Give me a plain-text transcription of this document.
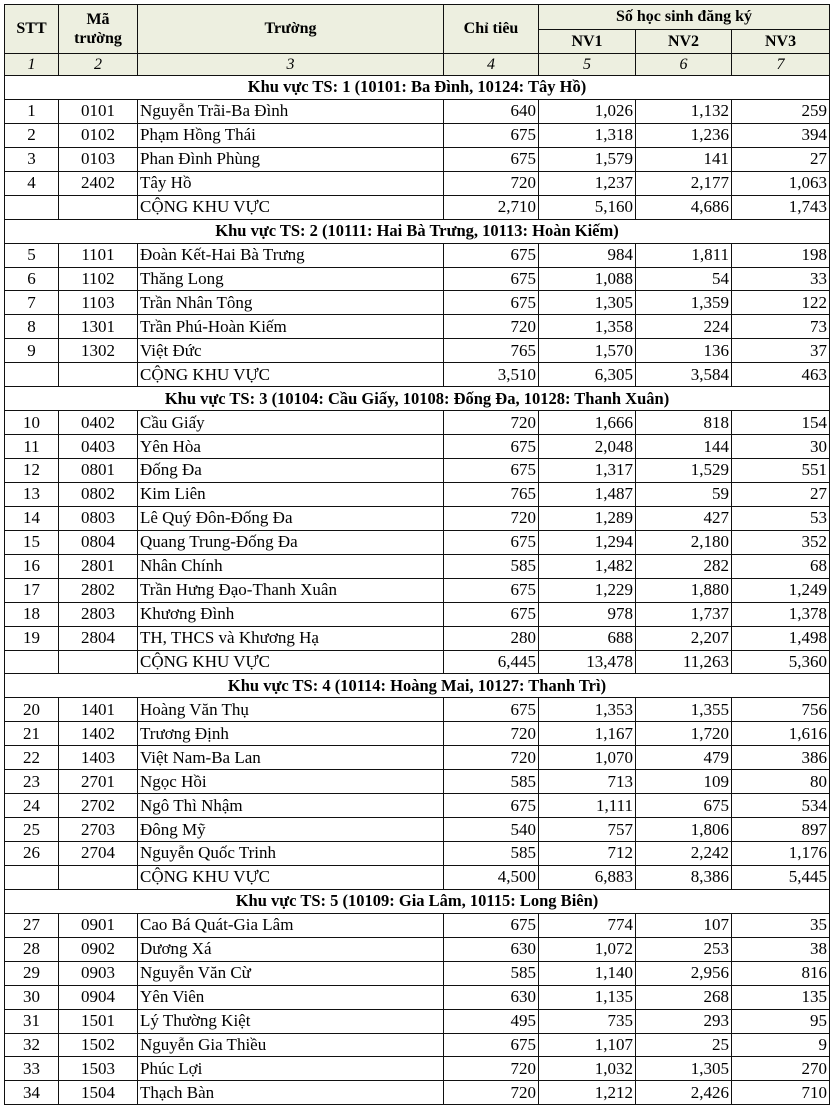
STT	Mã trường	Trường	Chỉ tiêu	Số học sinh đăng ký		
				NV1	NV2	NV3
1	2	3	4	5	6	7
Khu vực TS: 1 (10101: Ba Đình, 10124: Tây Hồ)						
1	0101	Nguyễn Trãi-Ba Đình	640	1,026	1,132	259
2	0102	Phạm Hồng Thái	675	1,318	1,236	394
3	0103	Phan Đình Phùng	675	1,579	141	27
4	2402	Tây Hồ	720	1,237	2,177	1,063
		CỘNG KHU VỰC	2,710	5,160	4,686	1,743
Khu vực TS: 2 (10111: Hai Bà Trưng, 10113: Hoàn Kiếm)						
5	1101	Đoàn Kết-Hai Bà Trưng	675	984	1,811	198
6	1102	Thăng Long	675	1,088	54	33
7	1103	Trần Nhân Tông	675	1,305	1,359	122
8	1301	Trần Phú-Hoàn Kiếm	720	1,358	224	73
9	1302	Việt Đức	765	1,570	136	37
		CỘNG KHU VỰC	3,510	6,305	3,584	463
Khu vực TS: 3 (10104: Cầu Giấy, 10108: Đống Đa, 10128: Thanh Xuân)						
10	0402	Cầu Giấy	720	1,666	818	154
11	0403	Yên Hòa	675	2,048	144	30
12	0801	Đống Đa	675	1,317	1,529	551
13	0802	Kim Liên	765	1,487	59	27
14	0803	Lê Quý Đôn-Đống Đa	720	1,289	427	53
15	0804	Quang Trung-Đống Đa	675	1,294	2,180	352
16	2801	Nhân Chính	585	1,482	282	68
17	2802	Trần Hưng Đạo-Thanh Xuân	675	1,229	1,880	1,249
18	2803	Khương Đình	675	978	1,737	1,378
19	2804	TH, THCS và Khương Hạ	280	688	2,207	1,498
		CỘNG KHU VỰC	6,445	13,478	11,263	5,360
Khu vực TS: 4 (10114: Hoàng Mai, 10127: Thanh Trì)						
20	1401	Hoàng Văn Thụ	675	1,353	1,355	756
21	1402	Trương Định	720	1,167	1,720	1,616
22	1403	Việt Nam-Ba Lan	720	1,070	479	386
23	2701	Ngọc Hồi	585	713	109	80
24	2702	Ngô Thì Nhậm	675	1,111	675	534
25	2703	Đông Mỹ	540	757	1,806	897
26	2704	Nguyễn Quốc Trinh	585	712	2,242	1,176
		CỘNG KHU VỰC	4,500	6,883	8,386	5,445
Khu vực TS: 5 (10109: Gia Lâm, 10115: Long Biên)						
27	0901	Cao Bá Quát-Gia Lâm	675	774	107	35
28	0902	Dương Xá	630	1,072	253	38
29	0903	Nguyễn Văn Cừ	585	1,140	2,956	816
30	0904	Yên Viên	630	1,135	268	135
31	1501	Lý Thường Kiệt	495	735	293	95
32	1502	Nguyễn Gia Thiều	675	1,107	25	9
33	1503	Phúc Lợi	720	1,032	1,305	270
34	1504	Thạch Bàn	720	1,212	2,426	710
